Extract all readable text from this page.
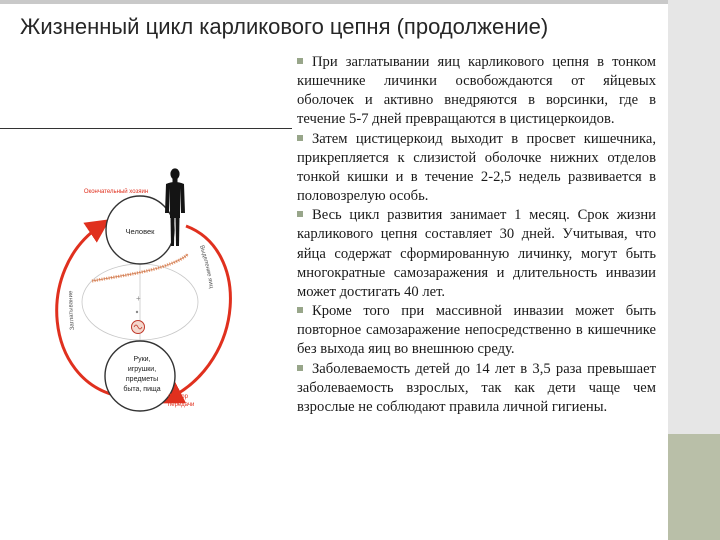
Жизненный цикл карликового цепня (продолжение)
Человек
Окончательный хозяин
+
Руки,
игрушки,
предметы
быта, пища
Фактор
передачи
Заглатывание
Выделение яиц

При заглатывании яиц карликового цепня в тонком кишечнике личинки освобождаются от яйцевых оболочек и активно внедряются в ворсинки, где в течение 5-7 дней превращаются в цистицеркоидов.

Затем цистицеркоид выходит в просвет кишечника, прикрепляется к слизистой оболочке нижних отделов тонкой кишки и в течение 2-2,5 недель развивается в половозрелую особь.

Весь цикл развития занимает 1 месяц. Срок жизни карликового цепня составляет 30 дней. Учитывая, что яйца содержат сформированную личинку, могут быть многократные самозаражения и длительность инвазии может достигать 40 лет.

Кроме того при массивной инвазии может быть повторное самозаражение непосредственно в кишечнике без выхода яиц во внешнюю среду.

Заболеваемость детей до 14 лет в 3,5 раза превышает заболеваемость взрослых, так как дети чаще чем взрослые не соблюдают правила личной гигиены.
